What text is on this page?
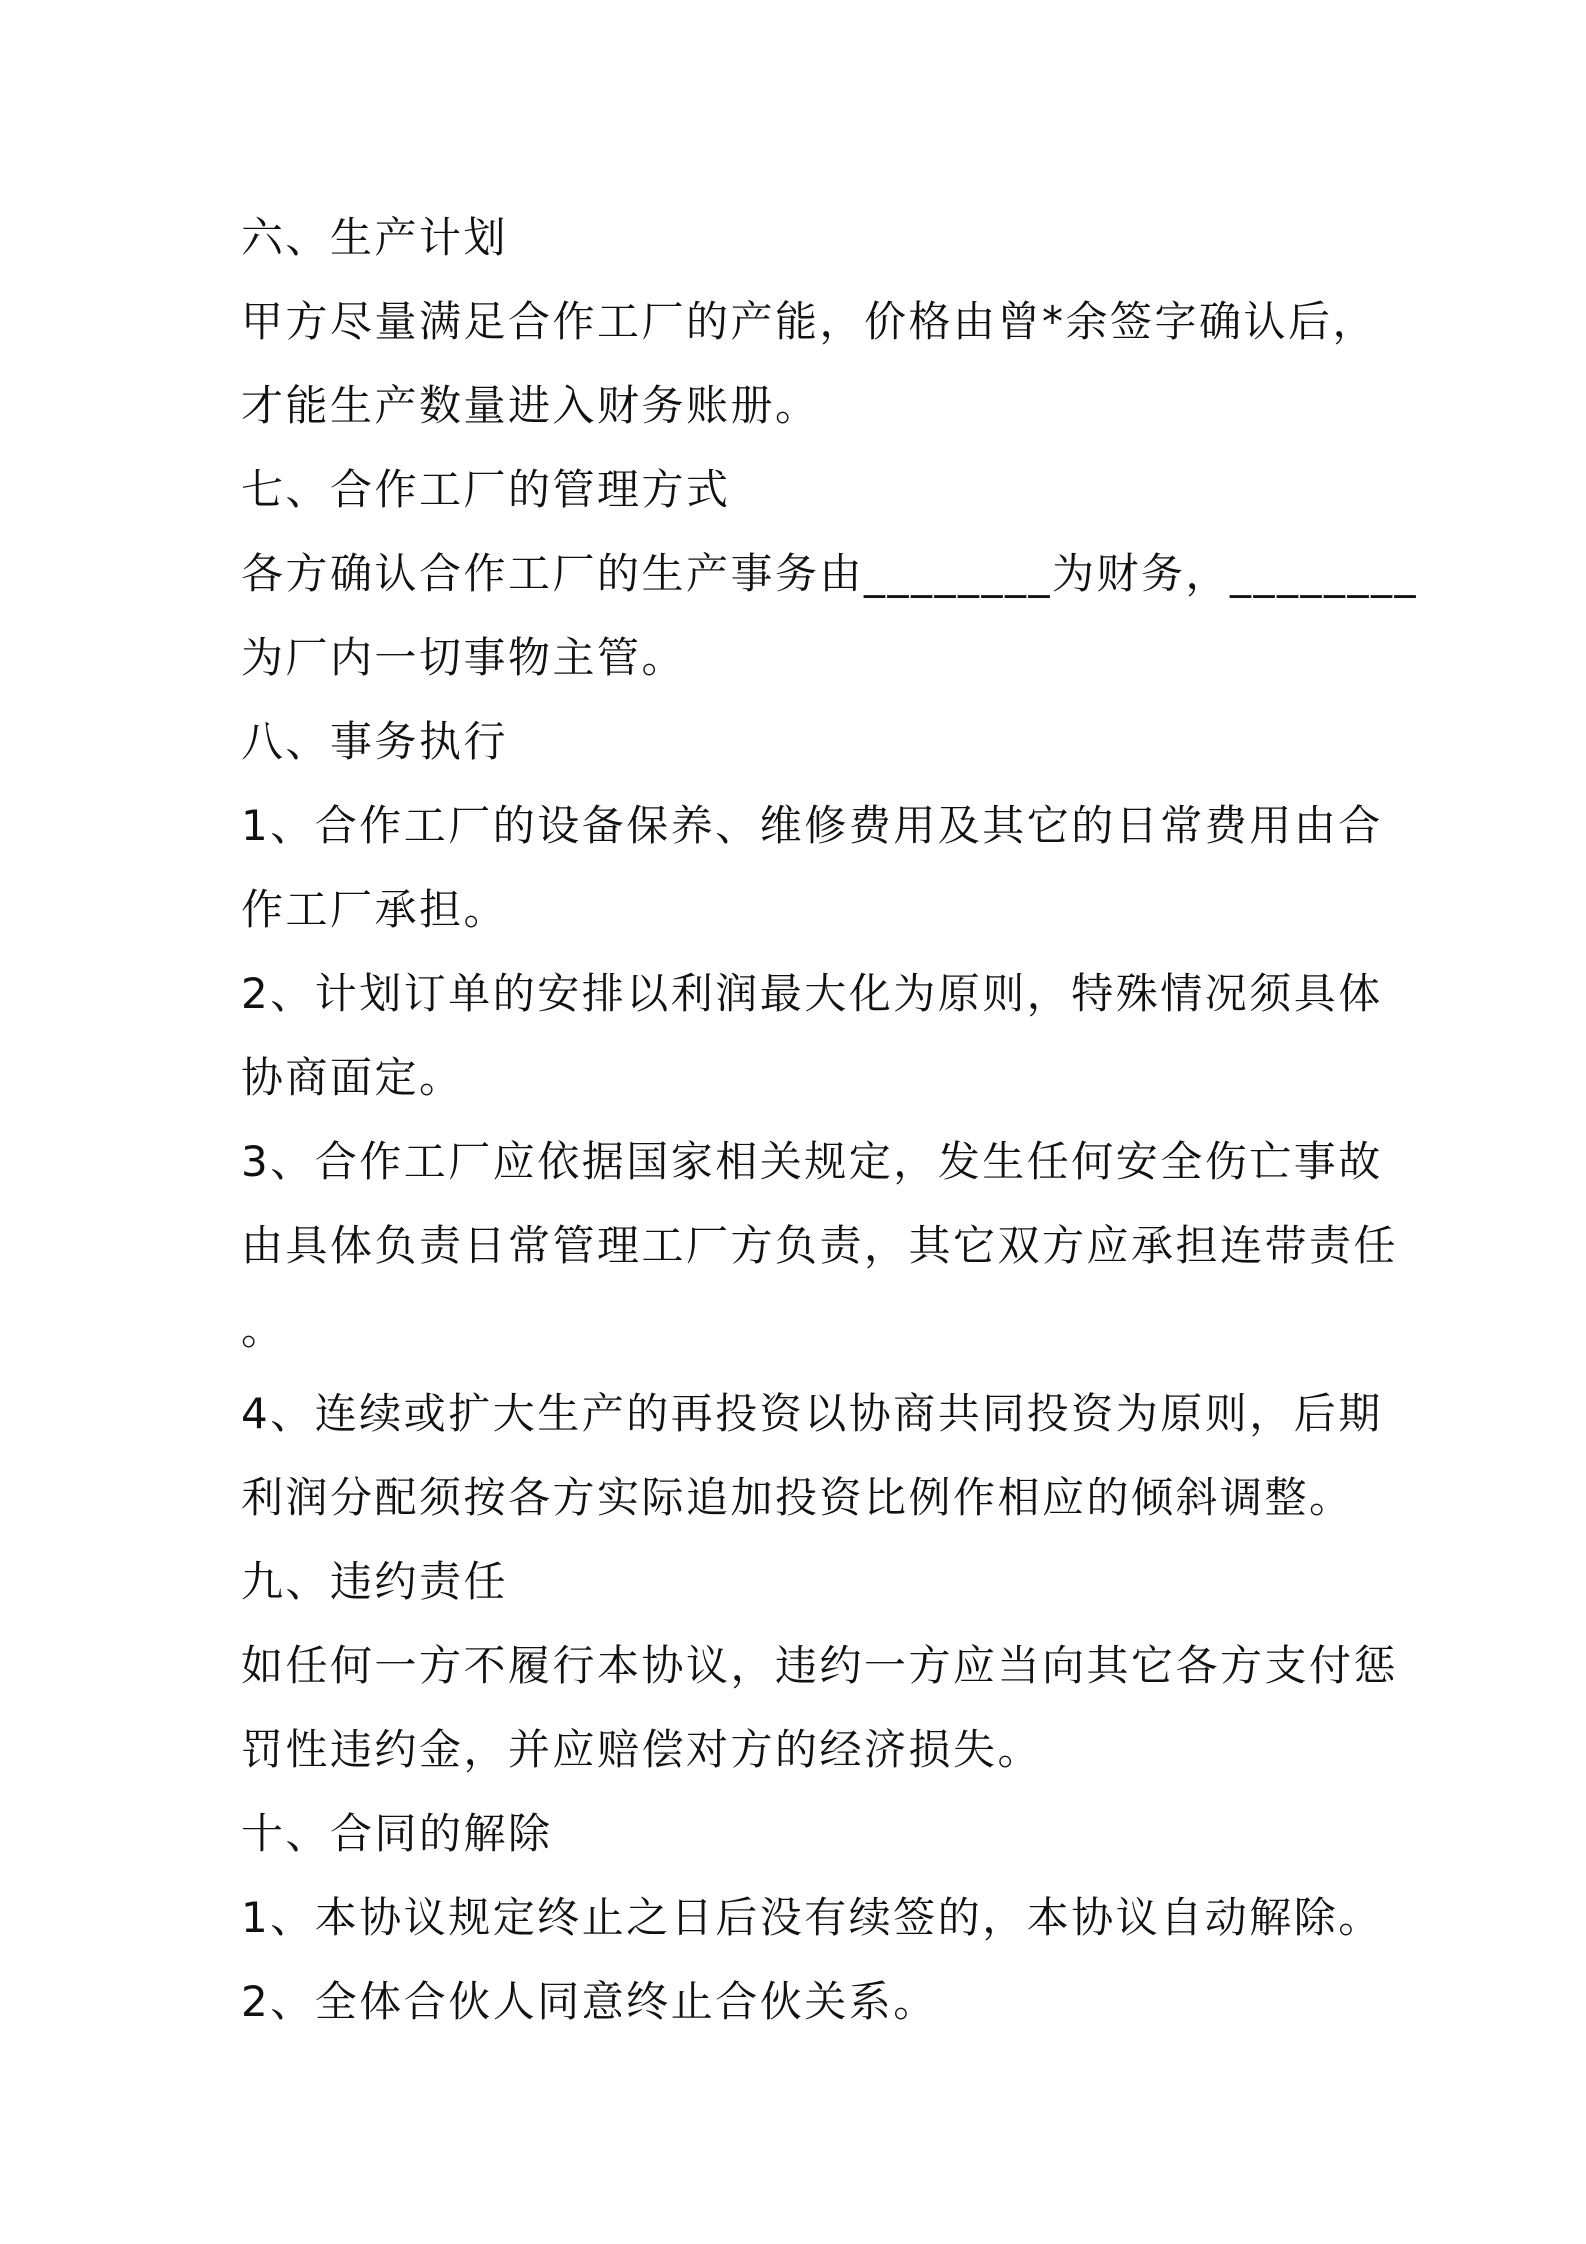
六、生产计划
甲方尽量满足合作工厂的产能，价格由曾*余签字确认后，
才能生产数量进入财务账册。
七、合作工厂的管理方式
各方确认合作工厂的生产事务由________为财务，________
为厂内一切事物主管。
八、事务执行
1、合作工厂的设备保养、维修费用及其它的日常费用由合
作工厂承担。
2、计划订单的安排以利润最大化为原则，特殊情况须具体
协商面定。
3、合作工厂应依据国家相关规定，发生任何安全伤亡事故
由具体负责日常管理工厂方负责，其它双方应承担连带责任
。
4、连续或扩大生产的再投资以协商共同投资为原则，后期
利润分配须按各方实际追加投资比例作相应的倾斜调整。
九、违约责任
如任何一方不履行本协议，违约一方应当向其它各方支付惩
罚性违约金，并应赔偿对方的经济损失。
十、合同的解除
1、本协议规定终止之日后没有续签的，本协议自动解除。
2、全体合伙人同意终止合伙关系。
